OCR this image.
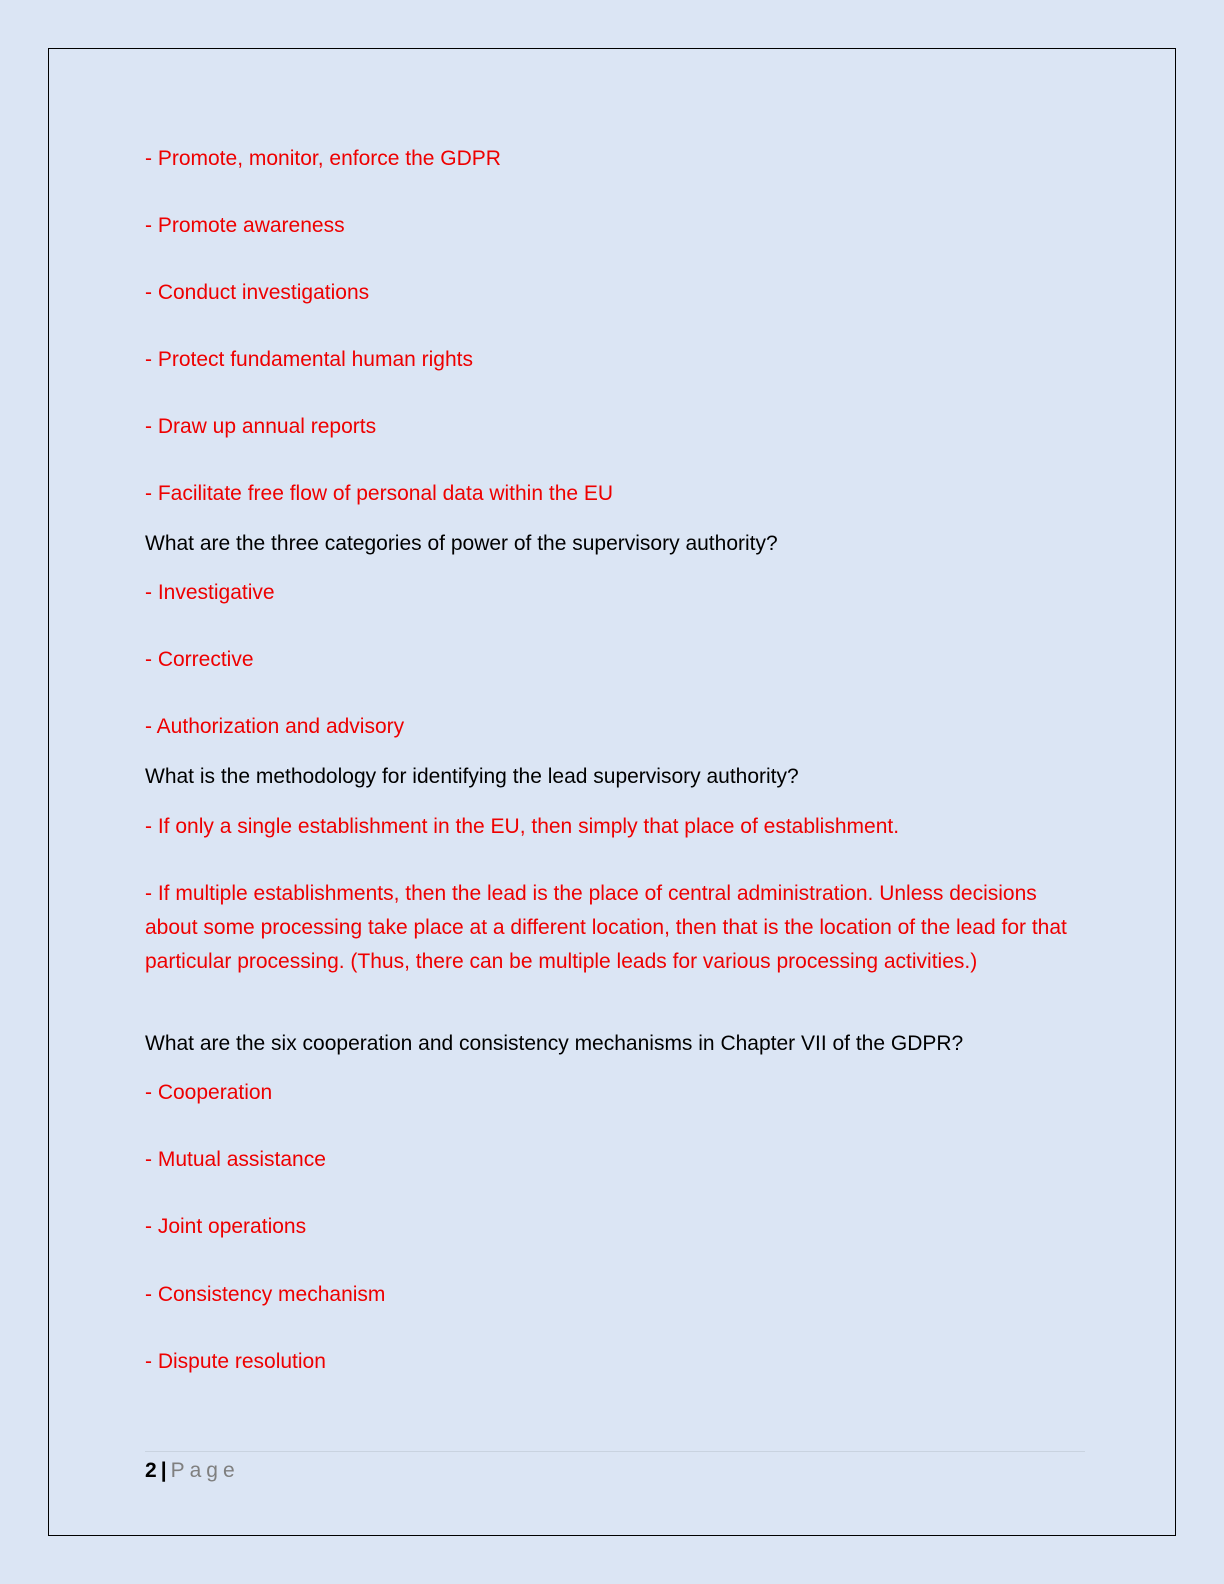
- Promote, monitor, enforce the GDPR

- Promote awareness

- Conduct investigations

- Protect fundamental human rights

- Draw up annual reports

- Facilitate free flow of personal data within the EU

What are the three categories of power of the supervisory authority?

- Investigative

- Corrective

- Authorization and advisory

What is the methodology for identifying the lead supervisory authority?

- If only a single establishment in the EU, then simply that place of establishment.

- If multiple establishments, then the lead is the place of central administration. Unless decisions about some processing take place at a different location, then that is the location of the lead for that particular processing. (Thus, there can be multiple leads for various processing activities.)

What are the six cooperation and consistency mechanisms in Chapter VII of the GDPR?

- Cooperation

- Mutual assistance

- Joint operations

- Consistency mechanism

- Dispute resolution

2 | Page
